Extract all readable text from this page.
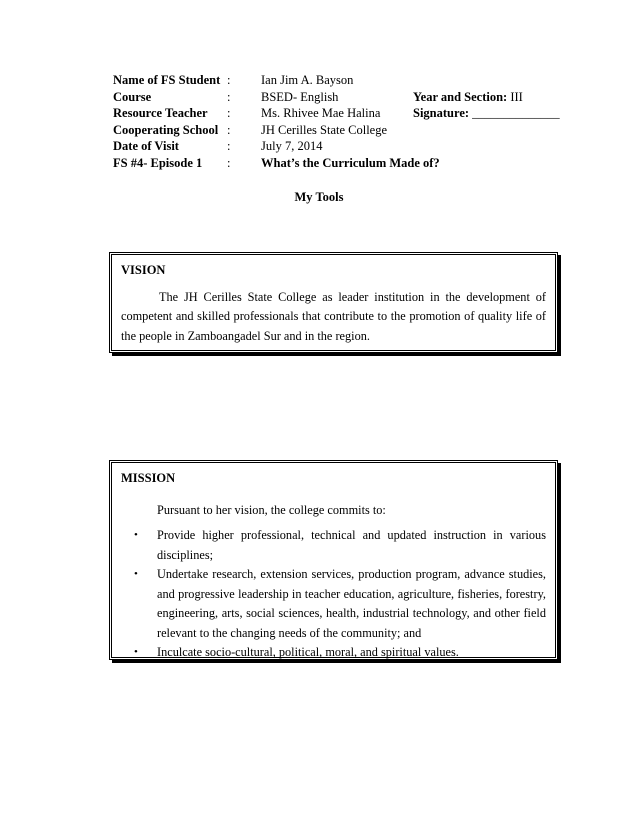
Name of FS Student : Ian Jim A. Bayson
Course	: BSED- English	Year and Section: III
Resource Teacher : Ms. Rhivee Mae Halina	Signature: ______________
Cooperating School : JH Cerilles State College
Date of Visit	: July 7, 2014
FS #4- Episode 1 : What’s the Curriculum Made of?
My Tools
VISION
The JH Cerilles State College as leader institution in the development of competent and skilled professionals that contribute to the promotion of quality life of the people in Zamboangadel Sur and in the region.
MISSION
Pursuant to her vision, the college commits to:
• Provide higher professional, technical and updated instruction in various disciplines;
• Undertake research, extension services, production program, advance studies, and progressive leadership in teacher education, agriculture, fisheries, forestry, engineering, arts, social sciences, health, industrial technology, and other field relevant to the changing needs of the community; and
• Inculcate socio-cultural, political, moral, and spiritual values.
